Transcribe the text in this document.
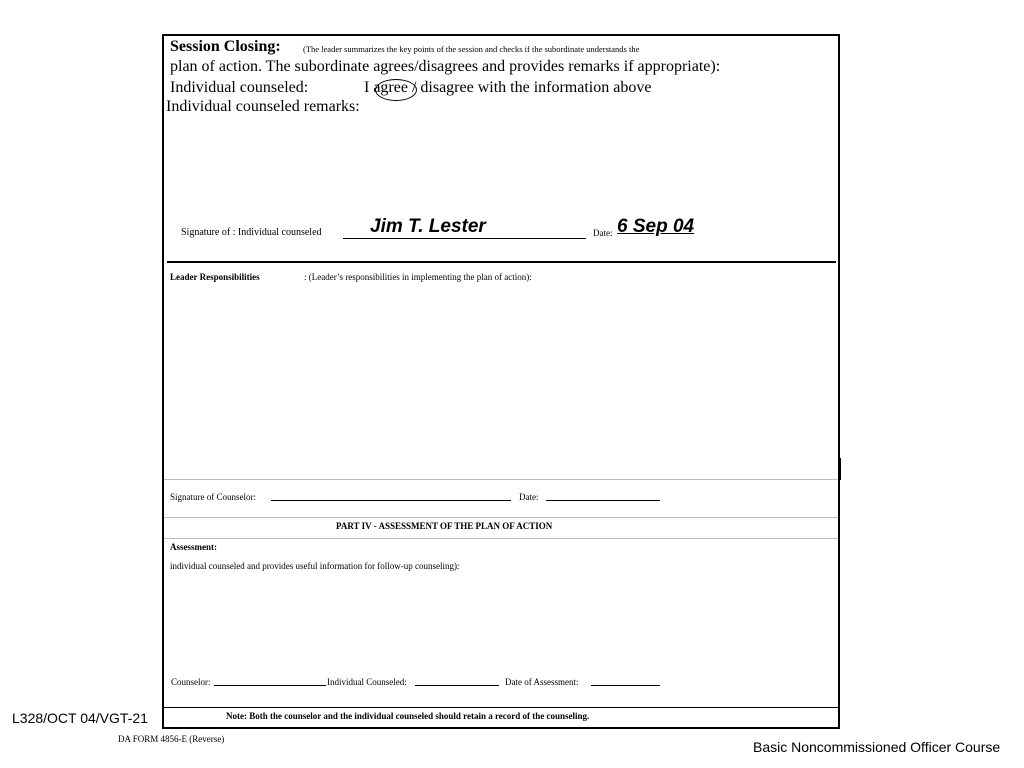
Session Closing:	(The leader summarizes the key points of the session and checks if the subordinate understands the
plan of action. The subordinate agrees/disagrees and provides remarks if appropriate):
Individual counseled:	I agree / disagree with the information above
Individual counseled remarks:
Signature of : Individual counseled	Jim T. Lester	Date: 6 Sep 04
Leader Responsibilities	: (Leader’s responsibilities in implementing the plan of action):
Signature of Counselor:	Date:
PART IV - ASSESSMENT OF THE PLAN OF ACTION
Assessment:
individual counseled and provides useful information for follow-up counseling):
Counselor:	Individual Counseled:	Date of Assessment:
Note: Both the counselor and the individual counseled should retain a record of the counseling.
DA FORM 4856-E (Reverse)
L328/OCT 04/VGT-21
Basic Noncommissioned Officer Course
